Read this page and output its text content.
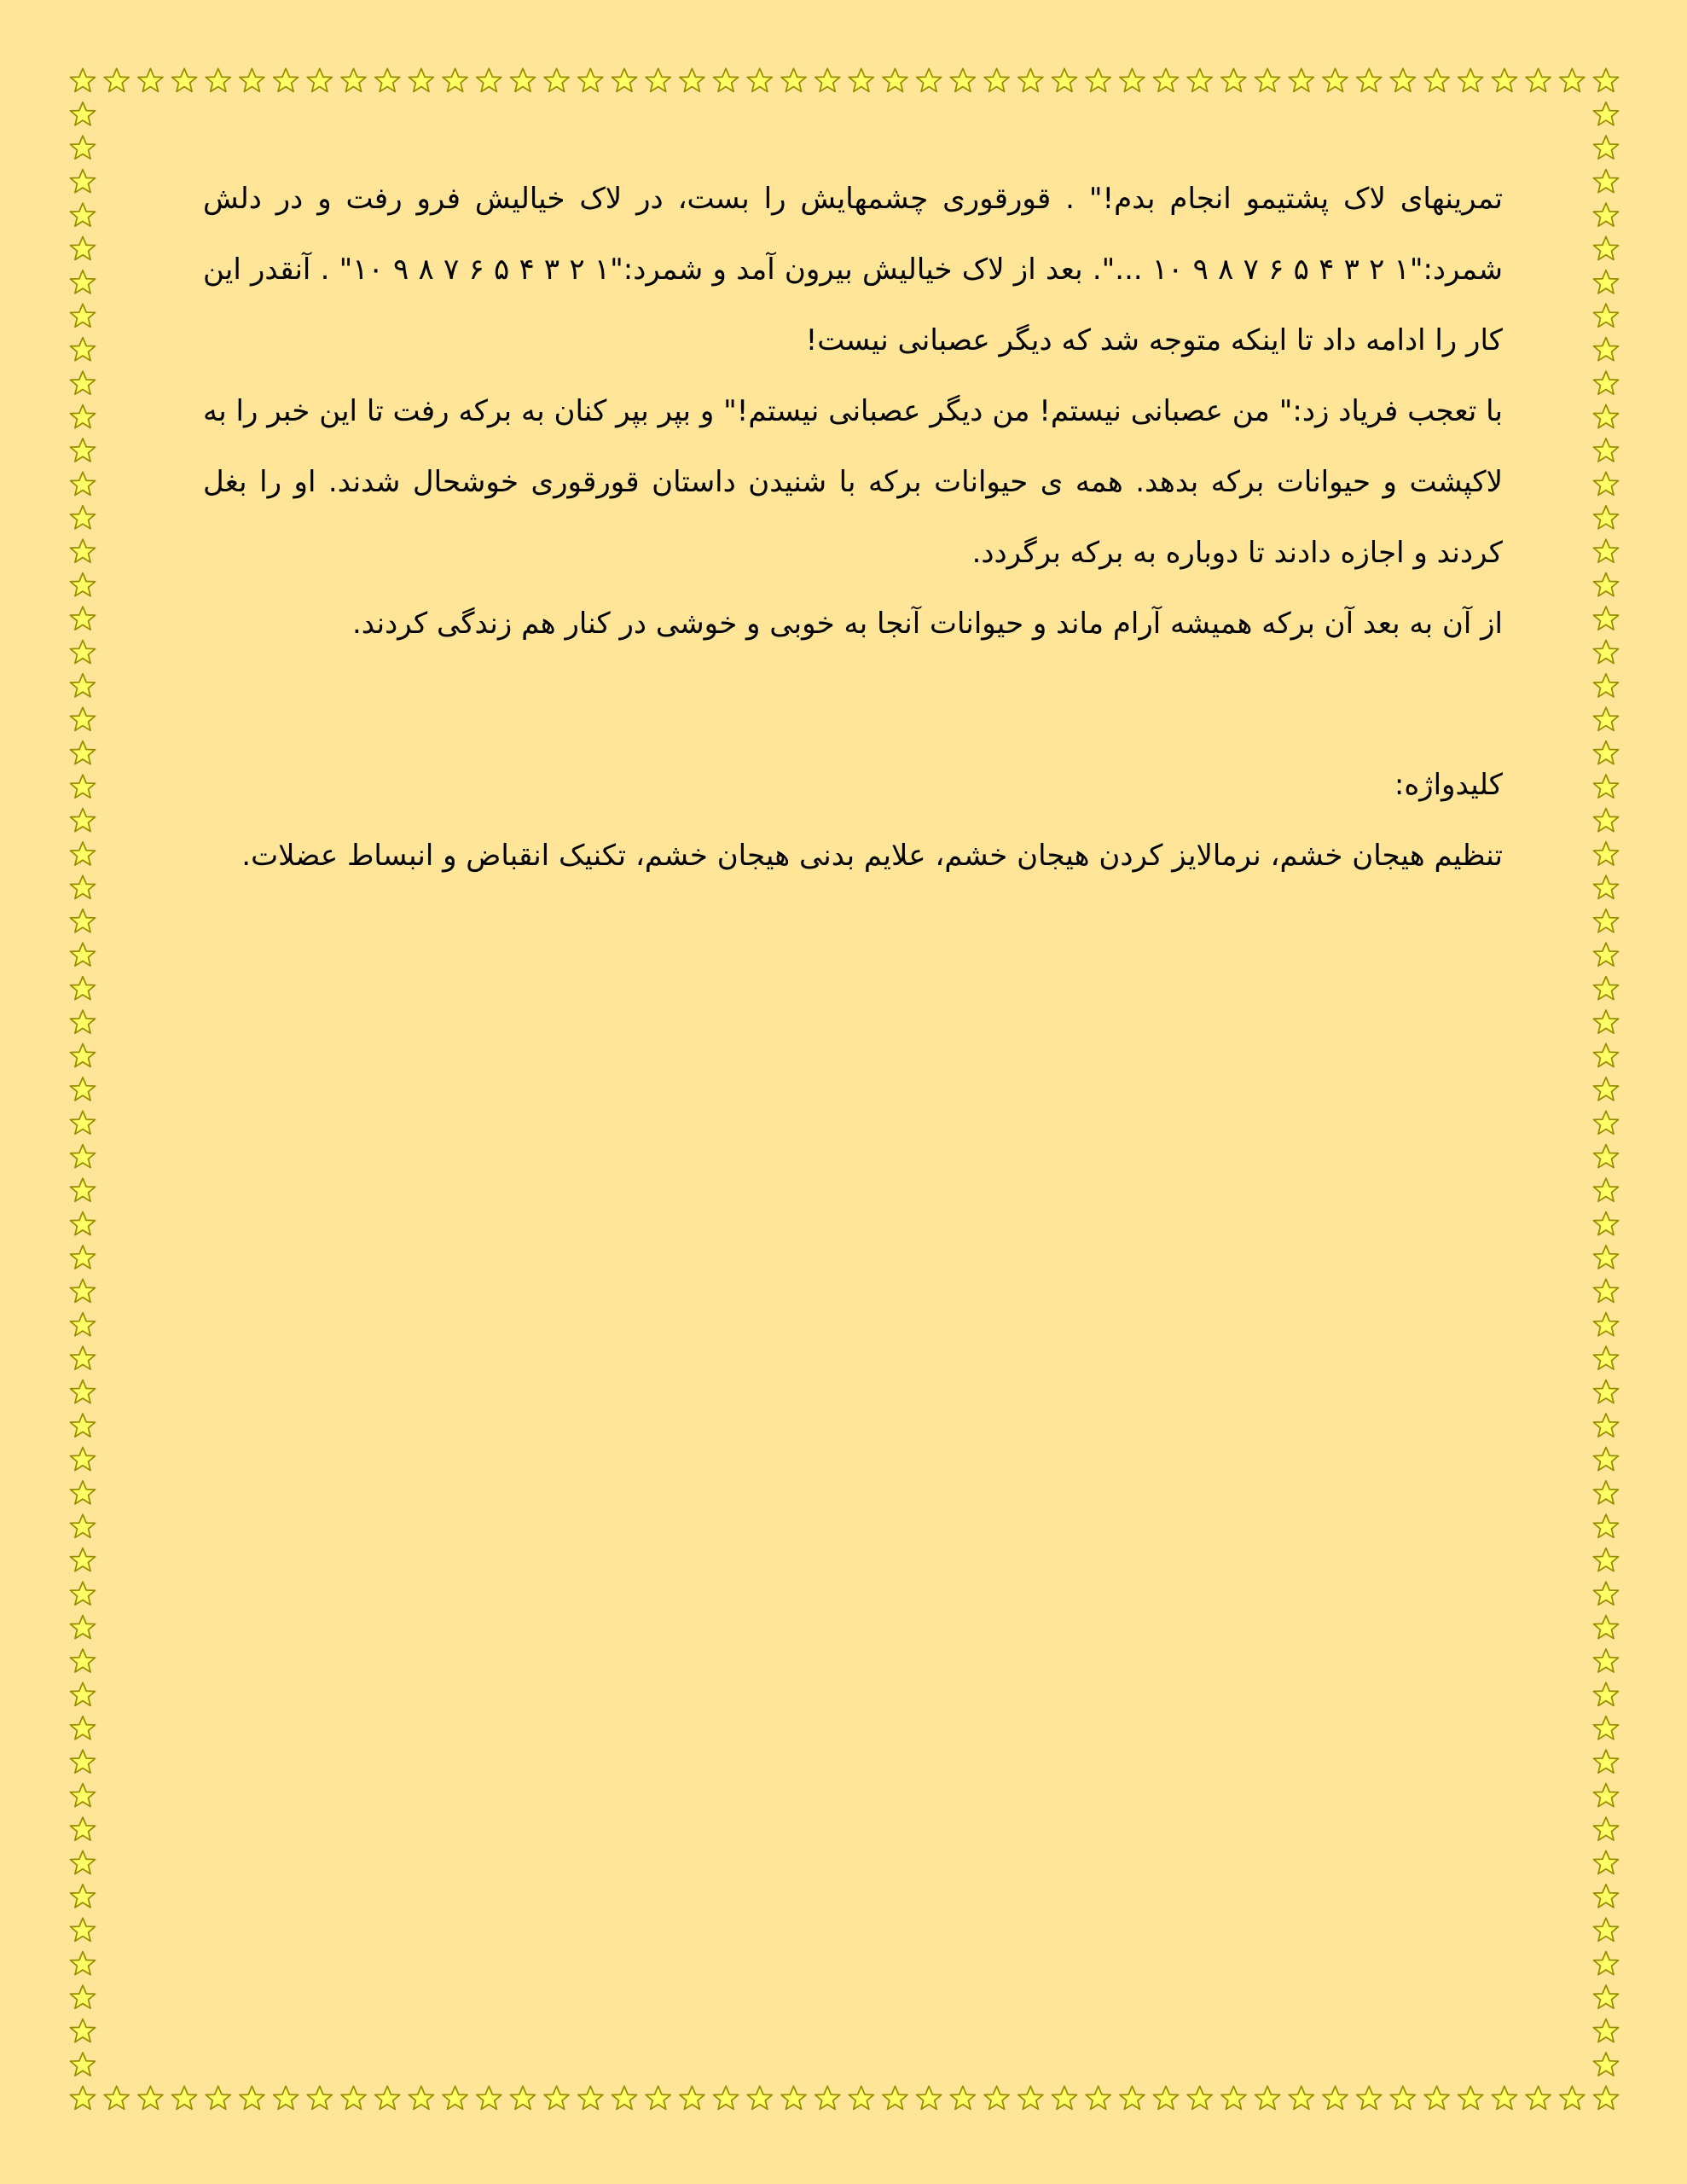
تمرینهای لاک پشتیمو انجام بدم!" . قورقوری چشمهایش را بست، در لاک خیالیش فرو رفت و در دلش شمرد:"۱ ۲ ۳ ۴ ۵ ۶ ۷ ۸ ۹ ۱۰ ...". بعد از لاک خیالیش بیرون آمد و شمرد:"۱ ۲ ۳ ۴ ۵ ۶ ۷ ۸ ۹ ۱۰" . آنقدر این کار را ادامه داد تا اینکه متوجه شد که دیگر عصبانی نیست!

با تعجب فریاد زد:" من عصبانی نیستم! من دیگر عصبانی نیستم!" و بپر بپر کنان به برکه رفت تا این خبر را به لاکپشت و حیوانات برکه بدهد. همه ی حیوانات برکه با شنیدن داستان قورقوری خوشحال شدند. او را بغل کردند و اجازه دادند تا دوباره به برکه برگردد.

از آن به بعد آن برکه همیشه آرام ماند و حیوانات آنجا به خوبی و خوشی در کنار هم زندگی کردند.

کلیدواژه:

تنظیم هیجان خشم، نرمالایز کردن هیجان خشم، علایم بدنی هیجان خشم، تکنیک انقباض و انبساط عضلات.
